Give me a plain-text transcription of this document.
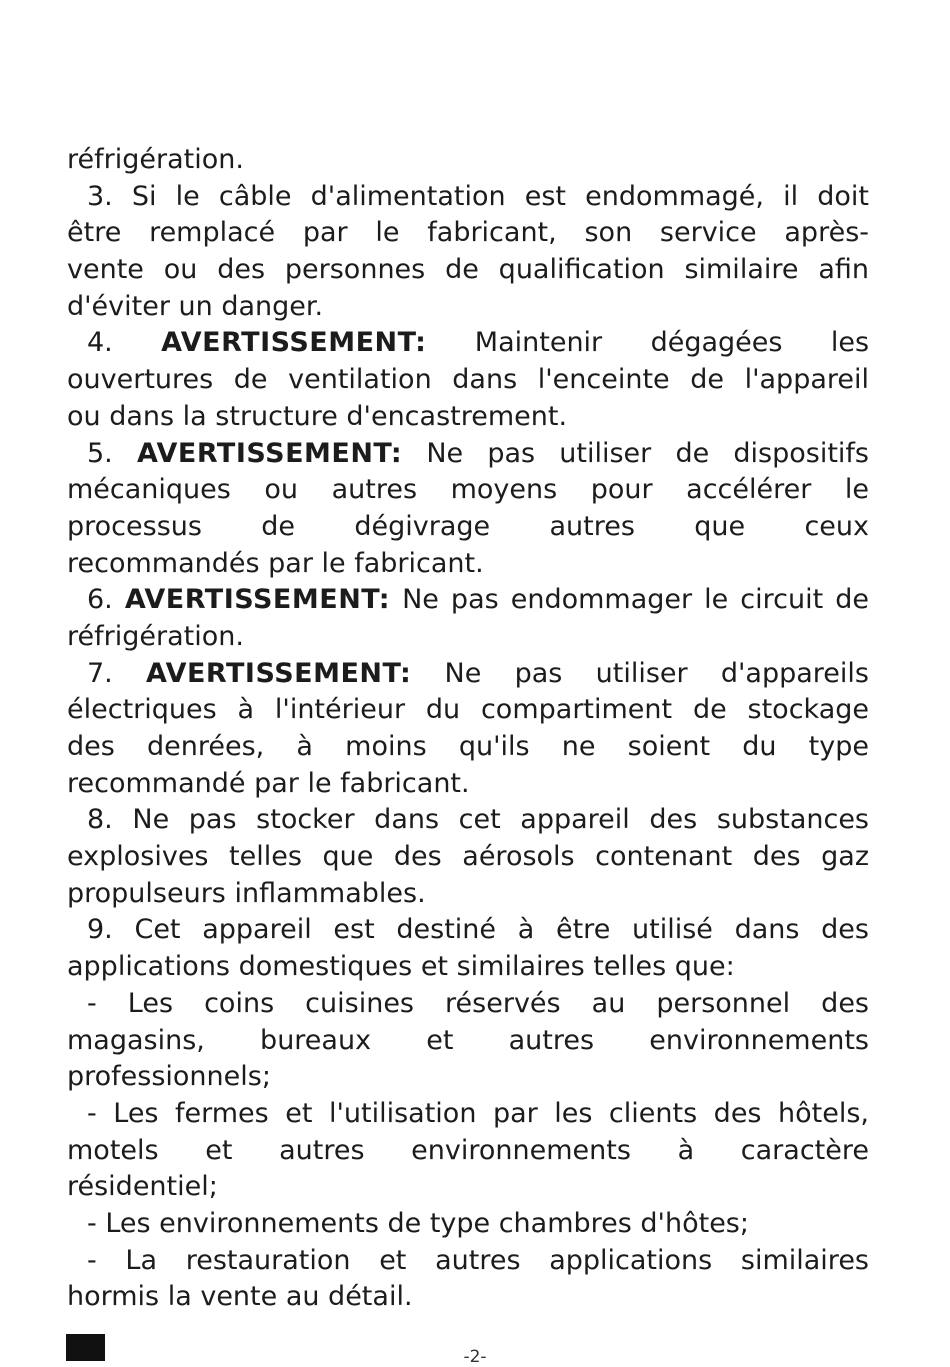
réfrigération.
3. Si le câble d'alimentation est endommagé, il doit
être remplacé par le fabricant, son service après-
vente ou des personnes de qualification similaire afin
d'éviter un danger.
4. AVERTISSEMENT: Maintenir dégagées les
ouvertures de ventilation dans l'enceinte de l'appareil
ou dans la structure d'encastrement.
5. AVERTISSEMENT: Ne pas utiliser de dispositifs
mécaniques ou autres moyens pour accélérer le
processus de dégivrage autres que ceux
recommandés par le fabricant.
6. AVERTISSEMENT: Ne pas endommager le circuit de
réfrigération.
7. AVERTISSEMENT: Ne pas utiliser d'appareils
électriques à l'intérieur du compartiment de stockage
des denrées, à moins qu'ils ne soient du type
recommandé par le fabricant.
8. Ne pas stocker dans cet appareil des substances
explosives telles que des aérosols contenant des gaz
propulseurs inflammables.
9. Cet appareil est destiné à être utilisé dans des
applications domestiques et similaires telles que:
- Les coins cuisines réservés au personnel des
magasins, bureaux et autres environnements
professionnels;
- Les fermes et l'utilisation par les clients des hôtels,
motels et autres environnements à caractère
résidentiel;
- Les environnements de type chambres d'hôtes;
- La restauration et autres applications similaires
hormis la vente au détail.
-2-
